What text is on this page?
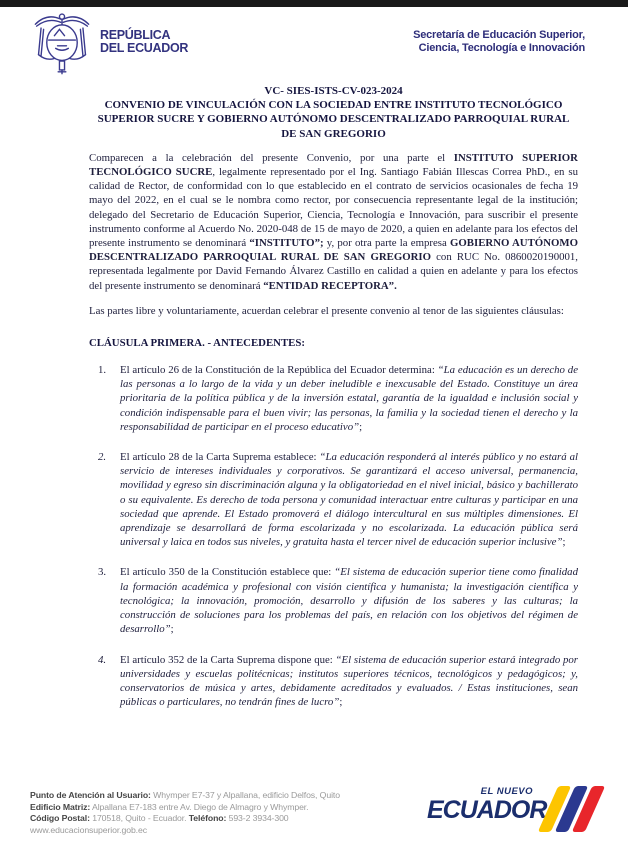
REPÚBLICA
DEL ECUADOR
Secretaría de Educación Superior,
Ciencia, Tecnología e Innovación
VC- SIES-ISTS-CV-023-2024
CONVENIO DE VINCULACIÓN CON LA SOCIEDAD ENTRE INSTITUTO TECNOLÓGICO SUPERIOR SUCRE Y GOBIERNO AUTÓNOMO DESCENTRALIZADO PARROQUIAL RURAL DE SAN GREGORIO

Comparecen a la celebración del presente Convenio, por una parte el INSTITUTO SUPERIOR TECNOLÓGICO SUCRE, legalmente representado por el Ing. Santiago Fabián Illescas Correa PhD., en su calidad de Rector, de conformidad con lo que establecido en el contrato de servicios ocasionales de fecha 19 mayo del 2022, en el cual se le nombra como rector, por consecuencia representante legal de la institución; delegado del Secretario de Educación Superior, Ciencia, Tecnología e Innovación, para suscribir el presente instrumento conforme al Acuerdo No. 2020-048 de 15 de mayo de 2020, a quien en adelante para los efectos del presente instrumento se denominará “INSTITUTO”; y, por otra parte la empresa GOBIERNO AUTÓNOMO DESCENTRALIZADO PARROQUIAL RURAL DE SAN GREGORIO con RUC No. 0860020190001, representada legalmente por David Fernando Álvarez Castillo en calidad a quien en adelante y para los efectos del presente instrumento se denominará “ENTIDAD RECEPTORA”.

Las partes libre y voluntariamente, acuerdan celebrar el presente convenio al tenor de las siguientes cláusulas:

CLÁUSULA PRIMERA. - ANTECEDENTES:
1.	El artículo 26 de la Constitución de la República del Ecuador determina: “La educación es un derecho de las personas a lo largo de la vida y un deber ineludible e inexcusable del Estado. Constituye un área prioritaria de la política pública y de la inversión estatal, garantía de la igualdad e inclusión social y condición indispensable para el buen vivir; las personas, la familia y la sociedad tienen el derecho y la responsabilidad de participar en el proceso educativo”;
2.	El artículo 28 de la Carta Suprema establece: “La educación responderá al interés público y no estará al servicio de intereses individuales y corporativos. Se garantizará el acceso universal, permanencia, movilidad y egreso sin discriminación alguna y la obligatoriedad en el nivel inicial, básico y bachillerato o su equivalente. Es derecho de toda persona y comunidad interactuar entre culturas y participar en una sociedad que aprende. El Estado promoverá el diálogo intercultural en sus múltiples dimensiones. El aprendizaje se desarrollará de forma escolarizada y no escolarizada. La educación pública será universal y laica en todos sus niveles, y gratuita hasta el tercer nivel de educación superior inclusive”;
3.	El artículo 350 de la Constitución establece que: “El sistema de educación superior tiene como finalidad la formación académica y profesional con visión científica y humanista; la investigación científica y tecnológica; la innovación, promoción, desarrollo y difusión de los saberes y las culturas; la construcción de soluciones para los problemas del país, en relación con los objetivos del régimen de desarrollo”;
4.	El artículo 352 de la Carta Suprema dispone que: “El sistema de educación superior estará integrado por universidades y escuelas politécnicas; institutos superiores técnicos, tecnológicos y pedagógicos; y, conservatorios de música y artes, debidamente acreditados y evaluados. / Estas instituciones, sean públicas o particulares, no tendrán fines de lucro”;
Punto de Atención al Usuario: Whymper E7-37 y Alpallana, edificio Delfos, Quito
Edificio Matriz: Alpallana E7-183 entre Av. Diego de Almagro y Whymper.
Código Postal: 170518, Quito - Ecuador. Teléfono: 593-2 3934-300
www.educacionsuperior.gob.ec
EL NUEVO
ECUADOR
